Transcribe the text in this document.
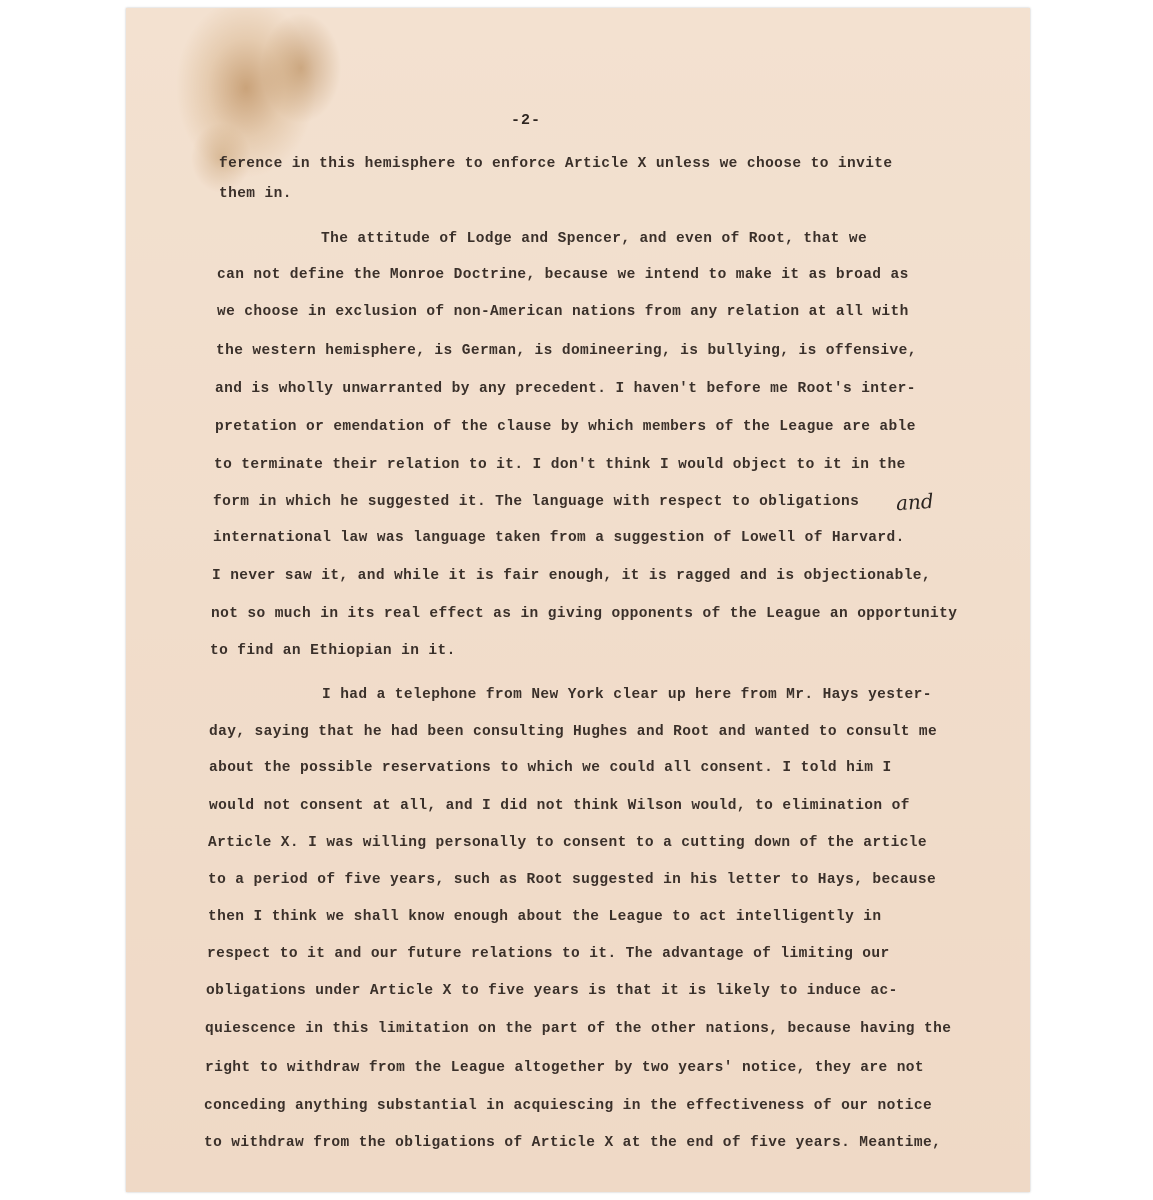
-2-
ference in this hemisphere to enforce Article X unless we choose to invite
them in.
The attitude of Lodge and Spencer, and even of Root, that we
can not define the Monroe Doctrine, because we intend to make it as broad as
we choose in exclusion of non-American nations from any relation at all with
the western hemisphere, is German, is domineering, is bullying, is offensive,
and is wholly unwarranted by any precedent. I haven't before me Root's inter-
pretation or emendation of the clause by which members of the League are able
to terminate their relation to it. I don't think I would object to it in the
form in which he suggested it. The language with respect to obligations and
international law was language taken from a suggestion of Lowell of Harvard.
I never saw it, and while it is fair enough, it is ragged and is objectionable,
not so much in its real effect as in giving opponents of the League an opportunity
to find an Ethiopian in it.
I had a telephone from New York clear up here from Mr. Hays yester-
day, saying that he had been consulting Hughes and Root and wanted to consult me
about the possible reservations to which we could all consent. I told him I
would not consent at all, and I did not think Wilson would, to elimination of
Article X. I was willing personally to consent to a cutting down of the article
to a period of five years, such as Root suggested in his letter to Hays, because
then I think we shall know enough about the League to act intelligently in
respect to it and our future relations to it. The advantage of limiting our
obligations under Article X to five years is that it is likely to induce ac-
quiescence in this limitation on the part of the other nations, because having the
right to withdraw from the League altogether by two years' notice, they are not
conceding anything substantial in acquiescing in the effectiveness of our notice
to withdraw from the obligations of Article X at the end of five years. Meantime,
